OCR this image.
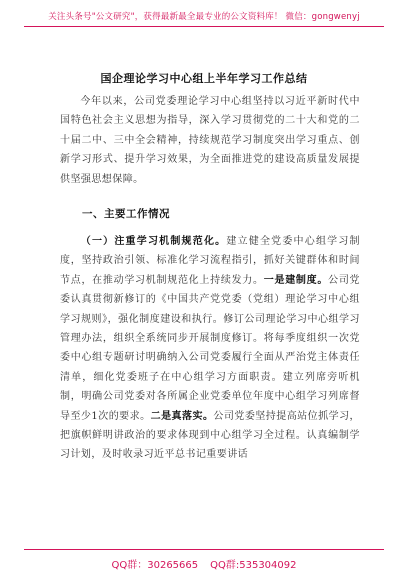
关注头条号"公文研究"，获得最新最全最专业的公文资料库！ 微信：gongwenyj
国企理论学习中心组上半年学习工作总结
今年以来，公司党委理论学习中心组坚持以习近平新时代中国特色社会主义思想为指导，深入学习贯彻党的二十大和党的二十届二中、三中全会精神，持续规范学习制度突出学习重点、创新学习形式、提升学习效果，为全面推进党的建设高质量发展提供坚强思想保障。
一、主要工作情况
（一）注重学习机制规范化。建立健全党委中心组学习制度，坚持政治引领、标准化学习流程指引，抓好关键群体和时间节点，在推动学习机制规范化上持续发力。一是建制度。公司党委认真贯彻新修订的《中国共产党党委（党组）理论学习中心组学习规则》，强化制度建设和执行。修订公司理论学习中心组学习管理办法，组织全系统同步开展制度修订。将每季度组织一次党委中心组专题研讨明确纳入公司党委履行全面从严治党主体责任清单，细化党委班子在中心组学习方面职责。建立列席旁听机制，明确公司党委对各所属企业党委单位年度中心组学习列席督导至少1次的要求。二是真落实。公司党委坚持提高站位抓学习，把旗帜鲜明讲政治的要求体现到中心组学习全过程。认真编制学习计划，及时收录习近平总书记重要讲话
QQ群：30265665 QQ群:535304092
